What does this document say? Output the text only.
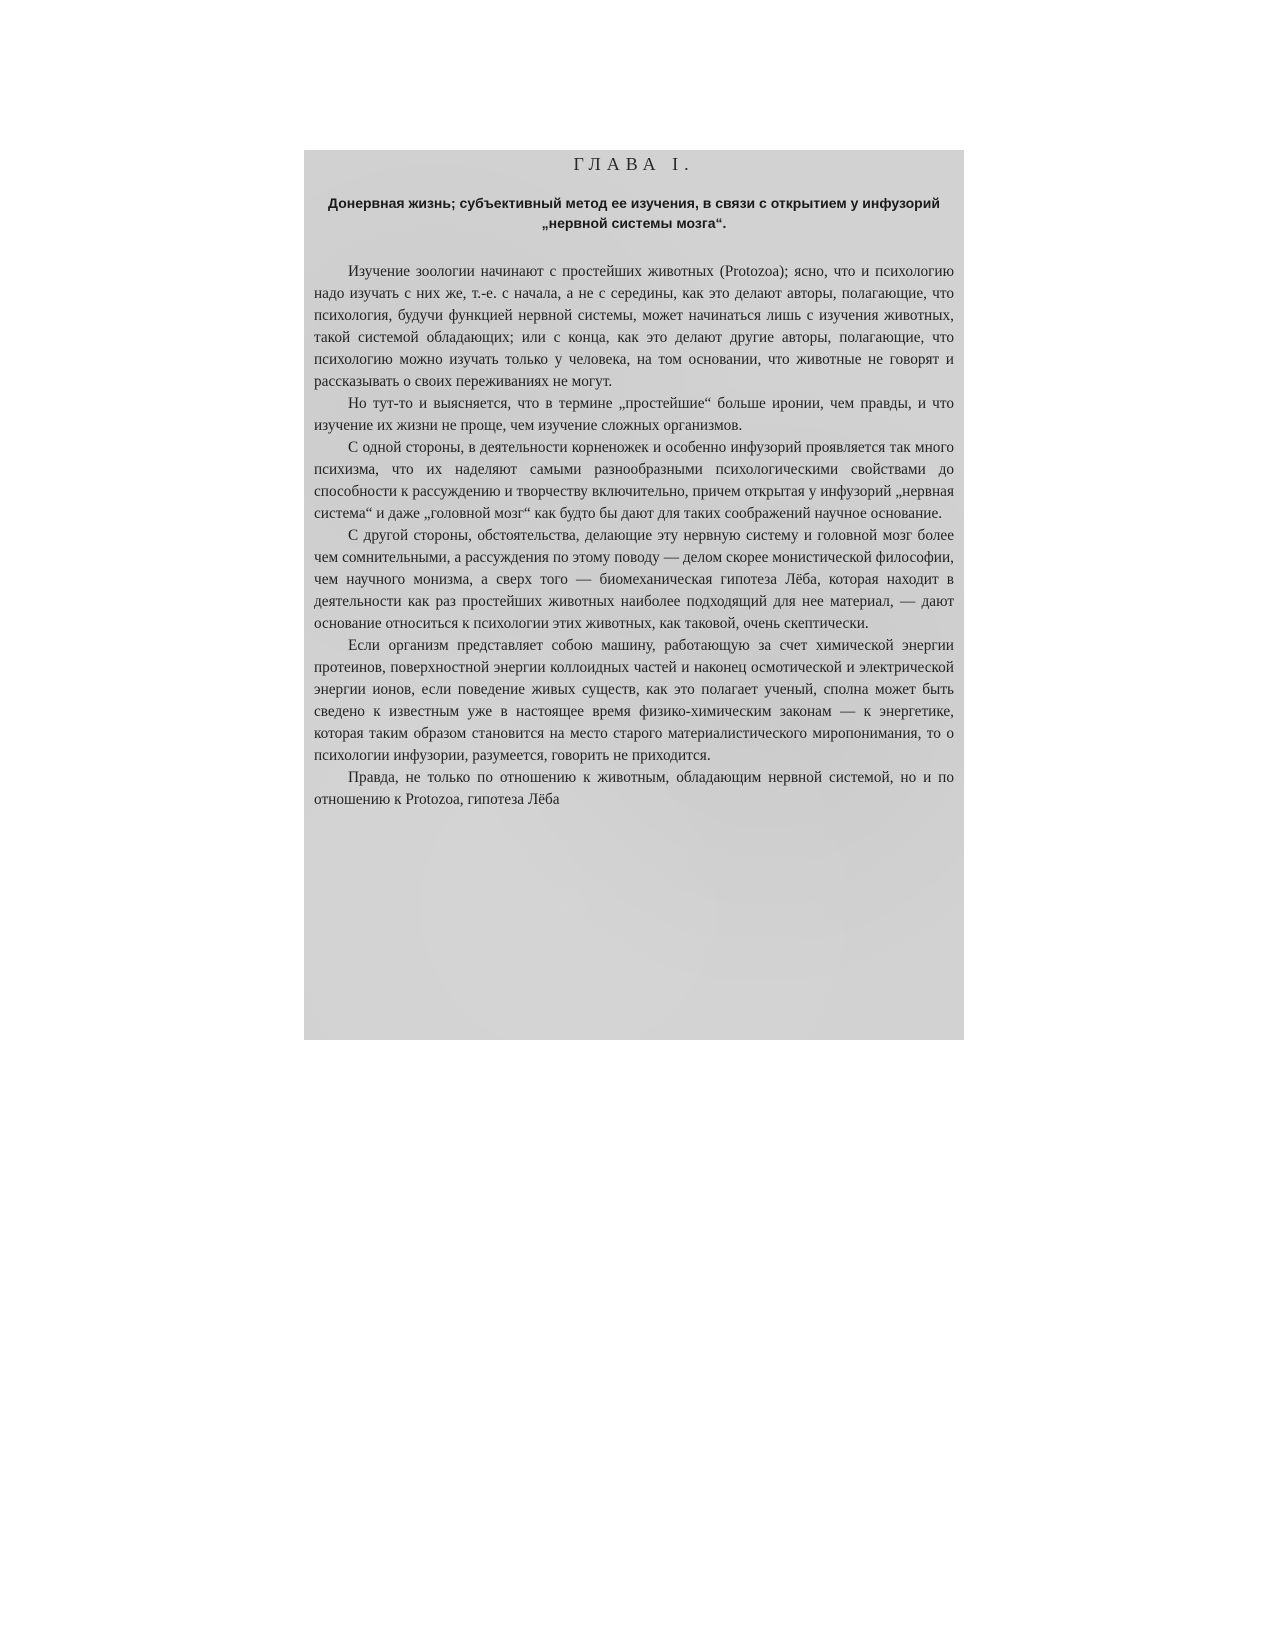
ГЛАВА I.
Донервная жизнь; субъективный метод ее изучения, в связи с открытием у инфузорий „нервной системы мозга“.

Изучение зоологии начинают с простейших животных (Protozoa); ясно, что и психологию надо изучать с них же, т.-е. с начала, а не с середины, как это делают авторы, полагающие, что психология, будучи функцией нервной системы, может начинаться лишь с изучения животных, такой системой обладающих; или с конца, как это делают другие авторы, полагающие, что психологию можно изучать только у человека, на том основании, что животные не говорят и рассказывать о своих переживаниях не могут.

Но тут-то и выясняется, что в термине „простейшие“ больше иронии, чем правды, и что изучение их жизни не проще, чем изучение сложных организмов.

С одной стороны, в деятельности корненожек и особенно инфузорий проявляется так много психизма, что их наделяют самыми разнообразными психологическими свойствами до способности к рассуждению и творчеству включительно, причем открытая у инфузорий „нервная система“ и даже „головной мозг“ как будто бы дают для таких соображений научное основание.

С другой стороны, обстоятельства, делающие эту нервную систему и головной мозг более чем сомнительными, а рассуждения по этому поводу — делом скорее монистической философии, чем научного монизма, а сверх того — биомеханическая гипотеза Лёба, которая находит в деятельности как раз простейших животных наиболее подходящий для нее материал, — дают основание относиться к психологии этих животных, как таковой, очень скептически.

Если организм представляет собою машину, работающую за счет химической энергии протеинов, поверхностной энергии коллоидных частей и наконец осмотической и электрической энергии ионов, если поведение живых существ, как это полагает ученый, сполна может быть сведено к известным уже в настоящее время физико-химическим законам — к энергетике, которая таким образом становится на место старого материалистического миропонимания, то о психологии инфузории, разумеется, говорить не приходится.

Правда, не только по отношению к животным, обладающим нервной системой, но и по отношению к Protozoa, гипотеза Лёба
